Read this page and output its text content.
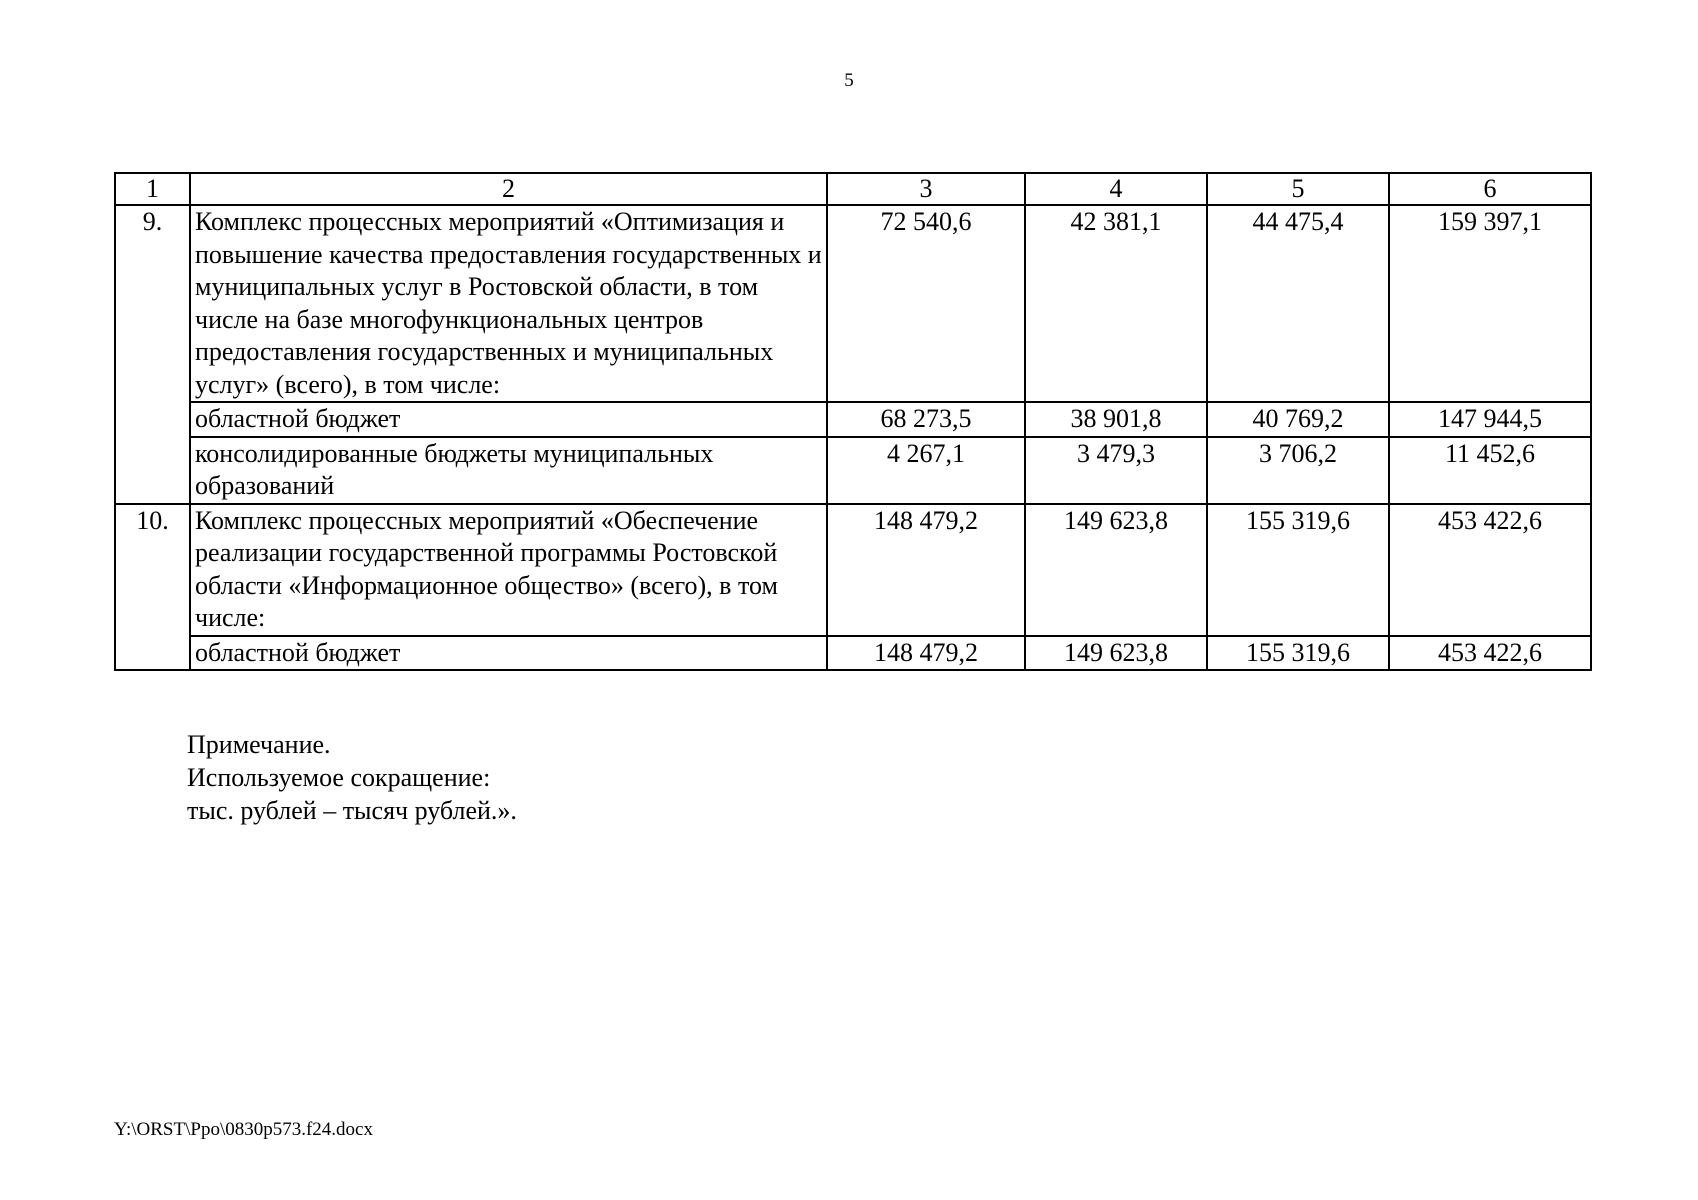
5
1	2	3	4	5	6
9.	Комплекс процессных мероприятий «Оптимизация и повышение качества предоставления государственных и муниципальных услуг в Ростовской области, в том числе на базе многофункциональных центров предоставления государственных и муниципальных услуг» (всего), в том числе:	72 540,6	42 381,1	44 475,4	159 397,1
	областной бюджет	68 273,5	38 901,8	40 769,2	147 944,5
	консолидированные бюджеты муниципальных образований	4 267,1	3 479,3	3 706,2	11 452,6
10.	Комплекс процессных мероприятий «Обеспечение реализации государственной программы Ростовской области «Информационное общество» (всего), в том числе:	148 479,2	149 623,8	155 319,6	453 422,6
	областной бюджет	148 479,2	149 623,8	155 319,6	453 422,6
Примечание.
Используемое сокращение:
тыс. рублей – тысяч рублей.».
Y:\ORST\Ppo\0830p573.f24.docx
